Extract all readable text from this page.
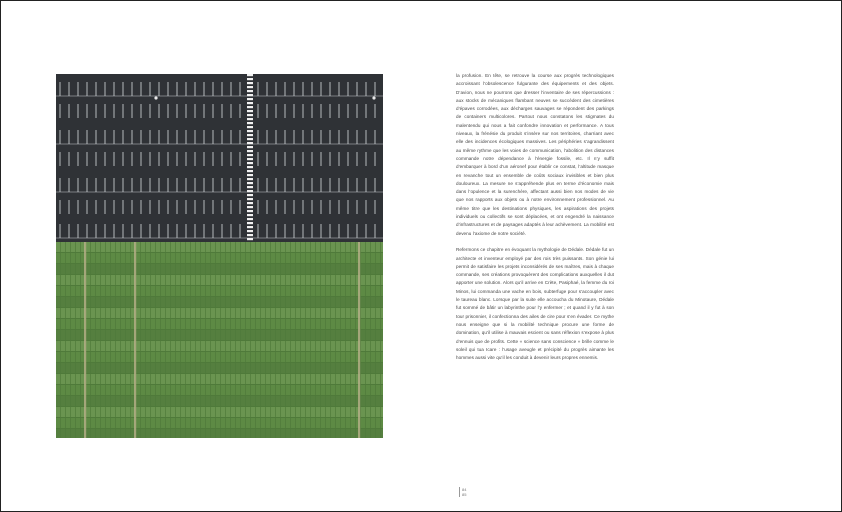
la profusion. En tête, se retrouve la course aux progrès technologiques accroissant l’obsolescence fulgurante des équipements et des objets. D’avion, nous ne pourrons que dresser l’inventaire de ses répercussions : aux stocks de mécaniques flambant neuves se succèdent des cimetières d’épaves corrodées, aux décharges sauvages se répondent des parkings de containers multicolores. Partout nous constatons les stigmates du malentendu qui nous a fait confondre innovation et performance. A tous niveaux, la frénésie du produit s’insère sur nos territoires, charriant avec elle des incidences écologiques massives. Les périphéries s’agrandissent au même rythme que les voies de communication, l’abolition des distances commande notre dépendance à l’énergie fossile, etc. Il n’y suffit d’embarquer à bord d’un aéronef pour établir ce constat, l’altitude masque en revanche tout un ensemble de coûts sociaux invisibles et bien plus douloureux. La mesure ne s’appréhende plus en terme d’économie mais dans l’opulence et la surenchère, affectant aussi bien nos modes de vie que nos rapports aux objets ou à notre environnement professionnel. Au même titre que les destinations physiques, les aspirations des projets individuels ou collectifs se sont déplacées, et ont engendré la naissance d’infrastructures et de paysages adaptés à leur achèvement. La mobilité est devenu l’axiome de notre société.

Refermons ce chapitre en évoquant la mythologie de Dédale. Dédale fut un architecte et inventeur employé par des rois très puissants. Son génie lui permit de satisfaire les projets inconsidérés de ses maîtres, mais à chaque commande, ses créations provoquèrent des complications auxquelles il dut apporter une solution. Alors qu’il arrive en Crète, Pasiphaé, la femme du roi Minos, lui commanda une vache en bois, subterfuge pour s’accoupler avec le taureau blanc. Lorsque par la suite elle accoucha du Minotaure, Dédale fut sommé de bâtir un labyrinthe pour l’y enfermer ; et quand il y fut à son tour prisonnier, il confectionna des ailes de cire pour s’en évader. Ce mythe nous enseigne que si la mobilité technique procure une forme de domination, qu’il utilise à mauvais escient ou sans réflexion s’expose à plus d’ennuis que de profits. Cette « science sans conscience » brille comme le soleil qui tua Icare : l’usage aveugle et précipité du progrès aimante les hommes aussi vite qu’il les conduit à devenir leurs propres ennemis.

84
85
